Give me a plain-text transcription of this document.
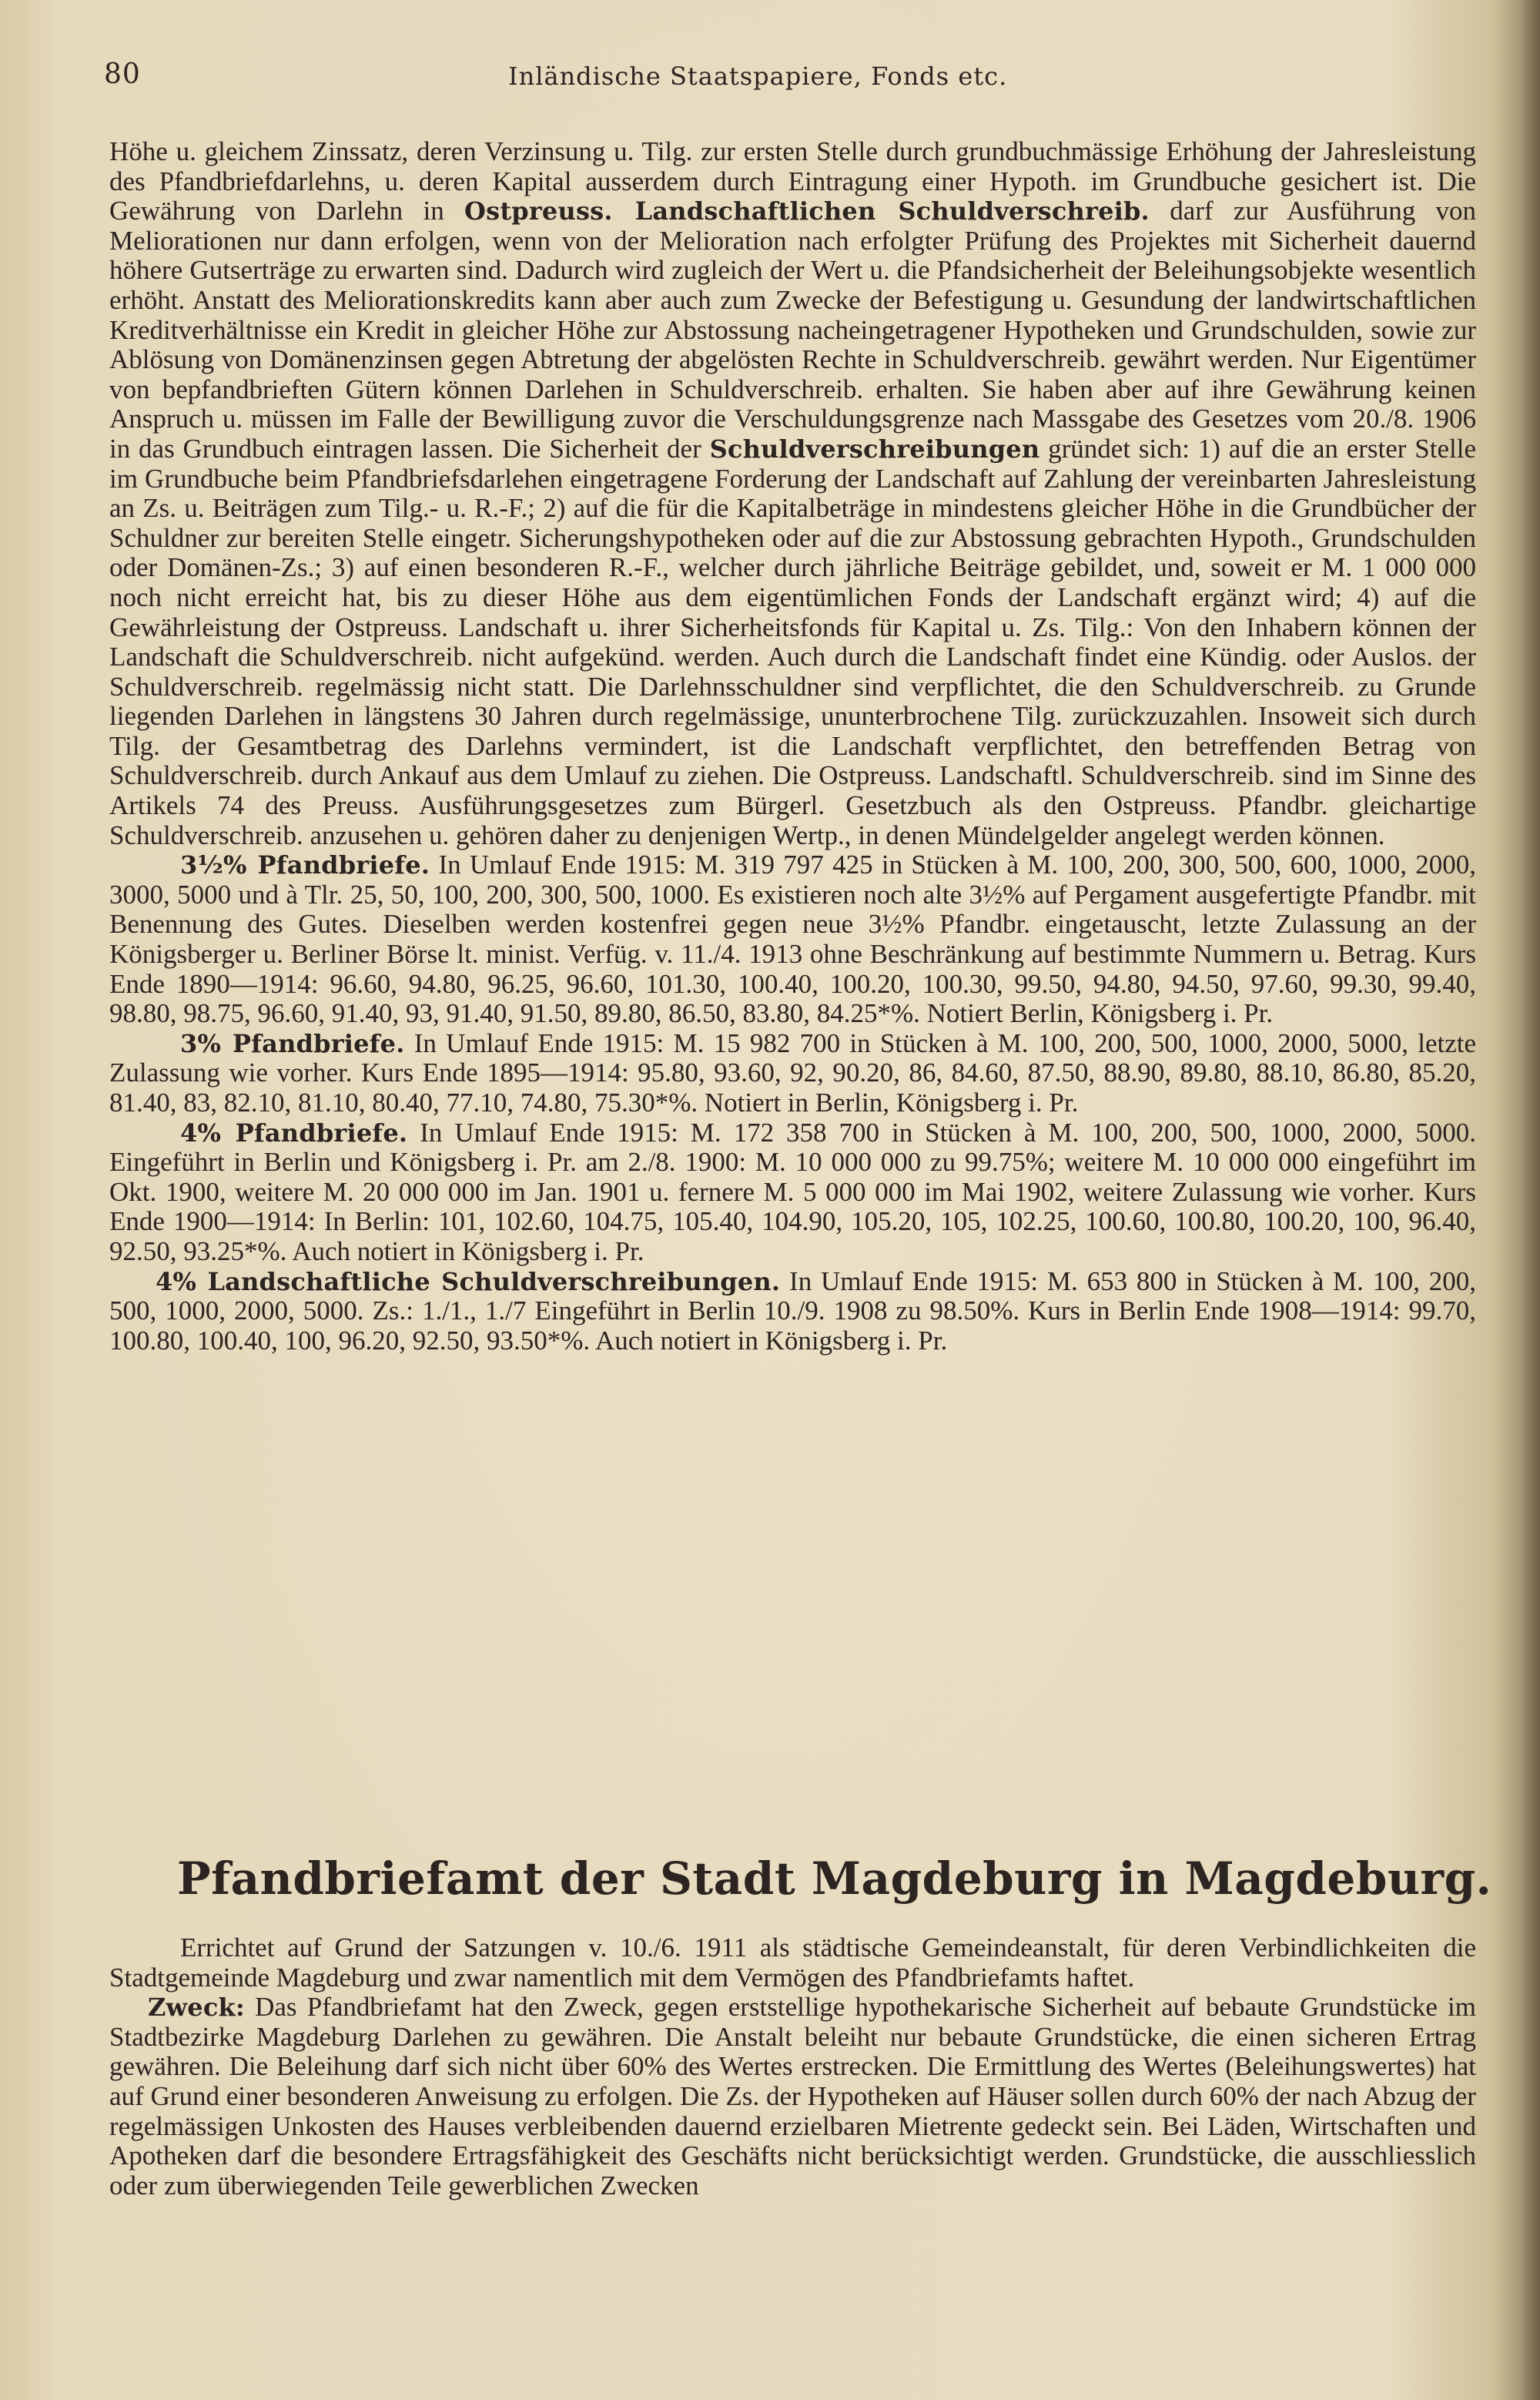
80	Inländische Staatspapiere, Fonds etc.

Höhe u. gleichem Zinssatz, deren Verzinsung u. Tilg. zur ersten Stelle durch grundbuchmässige Erhöhung der Jahresleistung des Pfandbriefdarlehns, u. deren Kapital ausserdem durch Eintragung einer Hypoth. im Grundbuche gesichert ist. Die Gewährung von Darlehn in Ostpreuss. Landschaftlichen Schuldverschreib. darf zur Ausführung von Meliorationen nur dann erfolgen, wenn von der Melioration nach erfolgter Prüfung des Projektes mit Sicherheit dauernd höhere Gutserträge zu erwarten sind. Dadurch wird zugleich der Wert u. die Pfandsicherheit der Beleihungsobjekte wesentlich erhöht. Anstatt des Meliorationskredits kann aber auch zum Zwecke der Befestigung u. Gesundung der landwirtschaftlichen Kreditverhältnisse ein Kredit in gleicher Höhe zur Abstossung nacheingetragener Hypotheken und Grundschulden, sowie zur Ablösung von Domänenzinsen gegen Abtretung der abgelösten Rechte in Schuldverschreib. gewährt werden. Nur Eigentümer von bepfandbrieften Gütern können Darlehen in Schuldverschreib. erhalten. Sie haben aber auf ihre Gewährung keinen Anspruch u. müssen im Falle der Bewilligung zuvor die Verschuldungsgrenze nach Massgabe des Gesetzes vom 20./8. 1906 in das Grundbuch eintragen lassen. Die Sicherheit der Schuldverschreibungen gründet sich: 1) auf die an erster Stelle im Grundbuche beim Pfandbriefsdarlehen eingetragene Forderung der Landschaft auf Zahlung der vereinbarten Jahresleistung an Zs. u. Beiträgen zum Tilg.- u. R.-F.; 2) auf die für die Kapitalbeträge in mindestens gleicher Höhe in die Grundbücher der Schuldner zur bereiten Stelle eingetr. Sicherungshypotheken oder auf die zur Abstossung gebrachten Hypoth., Grundschulden oder Domänen-Zs.; 3) auf einen besonderen R.-F., welcher durch jährliche Beiträge gebildet, und, soweit er M. 1 000 000 noch nicht erreicht hat, bis zu dieser Höhe aus dem eigentümlichen Fonds der Landschaft ergänzt wird; 4) auf die Gewährleistung der Ostpreuss. Landschaft u. ihrer Sicherheitsfonds für Kapital u. Zs. Tilg.: Von den Inhabern können der Landschaft die Schuldverschreib. nicht aufgekünd. werden. Auch durch die Landschaft findet eine Kündig. oder Auslos. der Schuldverschreib. regelmässig nicht statt. Die Darlehnsschuldner sind verpflichtet, die den Schuldverschreib. zu Grunde liegenden Darlehen in längstens 30 Jahren durch regelmässige, ununterbrochene Tilg. zurückzuzahlen. Insoweit sich durch Tilg. der Gesamtbetrag des Darlehns vermindert, ist die Landschaft verpflichtet, den betreffenden Betrag von Schuldverschreib. durch Ankauf aus dem Umlauf zu ziehen. Die Ostpreuss. Landschaftl. Schuldverschreib. sind im Sinne des Artikels 74 des Preuss. Ausführungsgesetzes zum Bürgerl. Gesetzbuch als den Ostpreuss. Pfandbr. gleichartige Schuldverschreib. anzusehen u. gehören daher zu denjenigen Wertp., in denen Mündelgelder angelegt werden können.

3½% Pfandbriefe. In Umlauf Ende 1915: M. 319 797 425 in Stücken à M. 100, 200, 300, 500, 600, 1000, 2000, 3000, 5000 und à Tlr. 25, 50, 100, 200, 300, 500, 1000. Es existieren noch alte 3½% auf Pergament ausgefertigte Pfandbr. mit Benennung des Gutes. Dieselben werden kostenfrei gegen neue 3½% Pfandbr. eingetauscht, letzte Zulassung an der Königsberger u. Berliner Börse lt. minist. Verfüg. v. 11./4. 1913 ohne Beschränkung auf bestimmte Nummern u. Betrag. Kurs Ende 1890—1914: 96.60, 94.80, 96.25, 96.60, 101.30, 100.40, 100.20, 100.30, 99.50, 94.80, 94.50, 97.60, 99.30, 99.40, 98.80, 98.75, 96.60, 91.40, 93, 91.40, 91.50, 89.80, 86.50, 83.80, 84.25*%. Notiert Berlin, Königsberg i. Pr.

3% Pfandbriefe. In Umlauf Ende 1915: M. 15 982 700 in Stücken à M. 100, 200, 500, 1000, 2000, 5000, letzte Zulassung wie vorher. Kurs Ende 1895—1914: 95.80, 93.60, 92, 90.20, 86, 84.60, 87.50, 88.90, 89.80, 88.10, 86.80, 85.20, 81.40, 83, 82.10, 81.10, 80.40, 77.10, 74.80, 75.30*%. Notiert in Berlin, Königsberg i. Pr.

4% Pfandbriefe. In Umlauf Ende 1915: M. 172 358 700 in Stücken à M. 100, 200, 500, 1000, 2000, 5000. Eingeführt in Berlin und Königsberg i. Pr. am 2./8. 1900: M. 10 000 000 zu 99.75%; weitere M. 10 000 000 eingeführt im Okt. 1900, weitere M. 20 000 000 im Jan. 1901 u. fernere M. 5 000 000 im Mai 1902, weitere Zulassung wie vorher. Kurs Ende 1900—1914: In Berlin: 101, 102.60, 104.75, 105.40, 104.90, 105.20, 105, 102.25, 100.60, 100.80, 100.20, 100, 96.40, 92.50, 93.25*%. Auch notiert in Königsberg i. Pr.

4% Landschaftliche Schuldverschreibungen. In Umlauf Ende 1915: M. 653 800 in Stücken à M. 100, 200, 500, 1000, 2000, 5000. Zs.: 1./1., 1./7 Eingeführt in Berlin 10./9. 1908 zu 98.50%. Kurs in Berlin Ende 1908—1914: 99.70, 100.80, 100.40, 100, 96.20, 92.50, 93.50*%. Auch notiert in Königsberg i. Pr.

Pfandbriefamt der Stadt Magdeburg in Magdeburg.

Errichtet auf Grund der Satzungen v. 10./6. 1911 als städtische Gemeindeanstalt, für deren Verbindlichkeiten die Stadtgemeinde Magdeburg und zwar namentlich mit dem Vermögen des Pfandbriefamts haftet.

Zweck: Das Pfandbriefamt hat den Zweck, gegen erststellige hypothekarische Sicherheit auf bebaute Grundstücke im Stadtbezirke Magdeburg Darlehen zu gewähren. Die Anstalt beleiht nur bebaute Grundstücke, die einen sicheren Ertrag gewähren. Die Beleihung darf sich nicht über 60% des Wertes erstrecken. Die Ermittlung des Wertes (Beleihungswertes) hat auf Grund einer besonderen Anweisung zu erfolgen. Die Zs. der Hypotheken auf Häuser sollen durch 60% der nach Abzug der regelmässigen Unkosten des Hauses verbleibenden dauernd erzielbaren Mietrente gedeckt sein. Bei Läden, Wirtschaften und Apotheken darf die besondere Ertragsfähigkeit des Geschäfts nicht berücksichtigt werden. Grundstücke, die ausschliesslich oder zum überwiegenden Teile gewerblichen Zwecken
